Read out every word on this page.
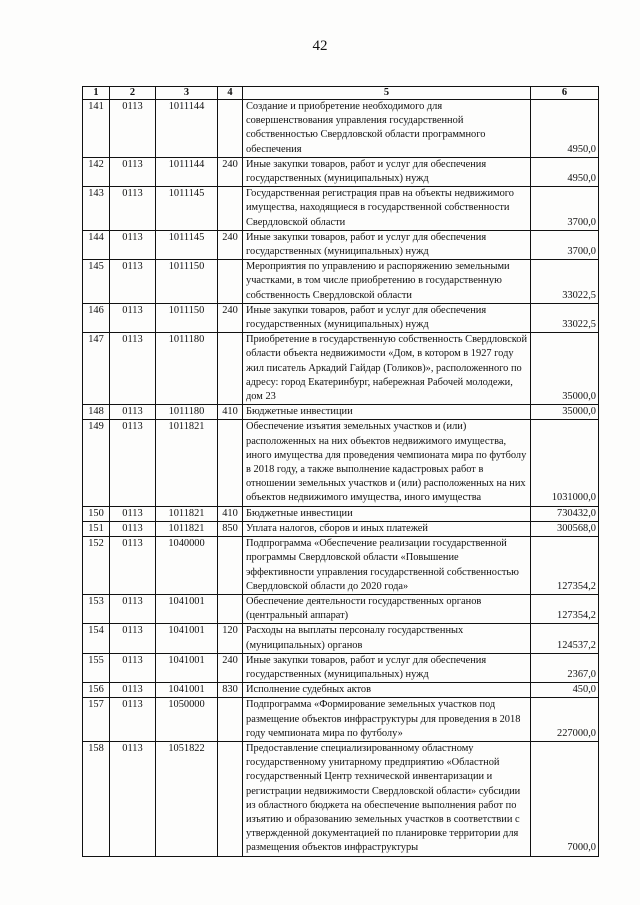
42
1	2	3	4	5	6
141	0113	1011144		Создание и приобретение необходимого для совершенствования управления государственной собственностью Свердловской области программного обеспечения	4950,0
142	0113	1011144	240	Иные закупки товаров, работ и услуг для обеспечения государственных (муниципальных) нужд	4950,0
143	0113	1011145		Государственная регистрация прав на объекты недвижимого имущества, находящиеся в государственной собственности Свердловской области	3700,0
144	0113	1011145	240	Иные закупки товаров, работ и услуг для обеспечения государственных (муниципальных) нужд	3700,0
145	0113	1011150		Мероприятия по управлению и распоряжению земельными участками, в том числе приобретению в государственную собственность Свердловской области	33022,5
146	0113	1011150	240	Иные закупки товаров, работ и услуг для обеспечения государственных (муниципальных) нужд	33022,5
147	0113	1011180		Приобретение в государственную собственность Свердловской области объекта недвижимости «Дом, в котором в 1927 году жил писатель Аркадий Гайдар (Голиков)», расположенного по адресу: город Екатеринбург, набережная Рабочей молодежи, дом 23	35000,0
148	0113	1011180	410	Бюджетные инвестиции	35000,0
149	0113	1011821		Обеспечение изъятия земельных участков и (или) расположенных на них объектов недвижимого имущества, иного имущества для проведения чемпионата мира по футболу в 2018 году, а также выполнение кадастровых работ в отношении земельных участков и (или) расположенных на них объектов недвижимого имущества, иного имущества	1031000,0
150	0113	1011821	410	Бюджетные инвестиции	730432,0
151	0113	1011821	850	Уплата налогов, сборов и иных платежей	300568,0
152	0113	1040000		Подпрограмма «Обеспечение реализации государственной программы Свердловской области «Повышение эффективности управления государственной собственностью Свердловской области до 2020 года»	127354,2
153	0113	1041001		Обеспечение деятельности государственных органов (центральный аппарат)	127354,2
154	0113	1041001	120	Расходы на выплаты персоналу государственных (муниципальных) органов	124537,2
155	0113	1041001	240	Иные закупки товаров, работ и услуг для обеспечения государственных (муниципальных) нужд	2367,0
156	0113	1041001	830	Исполнение судебных актов	450,0
157	0113	1050000		Подпрограмма «Формирование земельных участков под размещение объектов инфраструктуры для проведения в 2018 году чемпионата мира по футболу»	227000,0
158	0113	1051822		Предоставление специализированному областному государственному унитарному предприятию «Областной государственный Центр технической инвентаризации и регистрации недвижимости Свердловской области» субсидии из областного бюджета на обеспечение выполнения работ по изъятию и образованию земельных участков в соответствии с утвержденной документацией по планировке территории для размещения объектов инфраструктуры	7000,0
